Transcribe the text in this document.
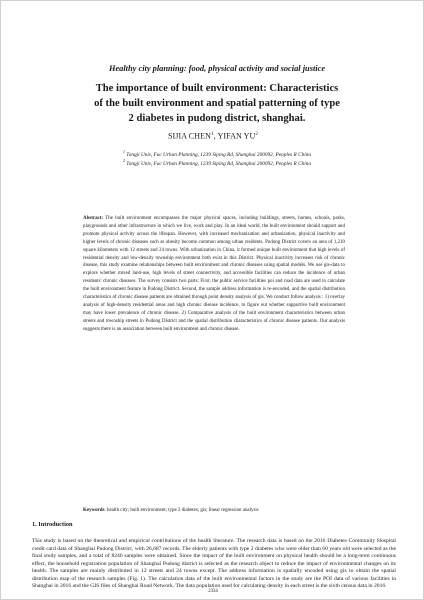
Healthy city planning: food, physical activity and social justice
The importance of built environment: Characteristics
of the built environment and spatial patterning of type
2 diabetes in pudong district, shanghai.
SIJIA CHEN$^1$, YIFAN $YU^2$
$^1$ Tongji Univ, Fac Urban Planning, 1239 Siping Rd, Shanghai 200092, Peoples R China
$^2$ Tongji Univ, Fac Urban Planning, 1239 Siping Rd, Shanghai 200092, Peoples R China

Abstract: The built environment encompasses the major physical spaces, including buildings, streets, homes, schools, parks, playgrounds and other infrastructure in which we live, work and play. In an ideal world, the built environment should support and promote physical activity across the lifespan. However, with increased mechanization and urbanization, physical inactivity and higher levels of chronic diseases such as obesity become common among urban residents. Pudong District covers an area of 1,210 square kilometers with 12 streets and 24 towns. With urbanization in China, it formed unique built environment that high levels of residential density and low-density township environment both exist in this District. Physical inactivity increases risk of chronic disease, this study examine relationships between built environment and chronic diseases using spatial models. We use gis-data to explore whether mixed land-use, high levels of street connectivity, and accessible facilities can reduce the incidence of urban residents' chronic diseases. The survey consists two parts: First, the public service facilities poi and road data are used to calculate the built environment feature in Pudong District. Second, the sample address information is re-encoded, and the spatial distribution characteristics of chronic disease patients are obtained through point density analysis of gis. We conduct follow analysis : 1) overlay analysis of high-density residential areas and high chronic disease incidence, to figure out whether supportive built environment may have lower prevalence of chronic disease. 2) Comparative analysis of the built environment characteristics between urban streets and township streets in Pudong District and the spatial distribution characteristics of chronic disease patients. Our analysis suggests there is an association between built environment and chronic disease.

Keywords: health city; built environment; type 2 diabetes; gis; linear regression analysis

1. Introduction

This study is based on the theoretical and empirical contributions of the health literature. The research data is based on the 2016 Diabetes Community Hospital credit card data of Shanghai Pudong District, with 26,687 records. The elderly patients with type 2 diabetes who were older than 60 years old were selected as the final study samples, and a total of 8246 samples were obtained. Since the impact of the built environment on physical health should be a long-term continuous effect, the household registration population of Shanghai Pudong district is selected as the research object to reduce the impact of environmental changes on its health. The samples are mainly distributed in 12 streets and 24 towns except. The address information is spatially encoded using gis to obtain the spatial distribution map of the research samples (Fig. 1). The calculation data of the built environmental factors in the study are the POI data of various facilities in Shanghai in 2016 and the GIS files of Shanghai Road Network. The data population used for calculating density in each street is the sixth census data in 2016.

2334
